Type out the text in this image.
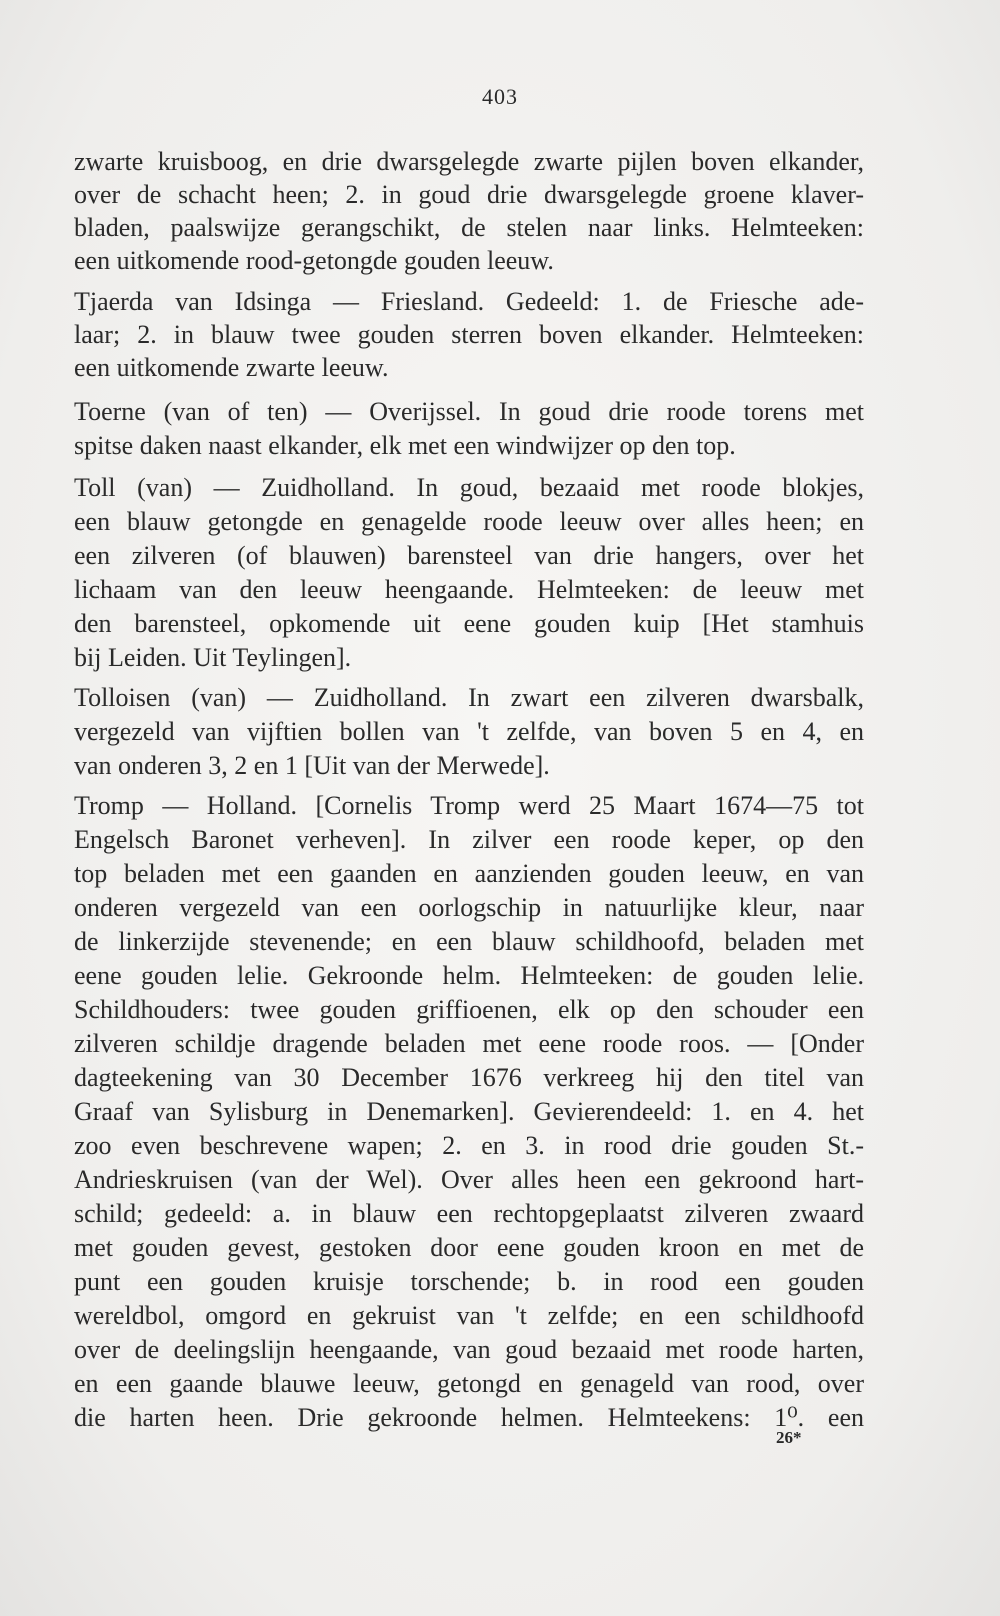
403
zwarte kruisboog, en drie dwarsgelegde zwarte pijlen boven elkander,
over de schacht heen; 2. in goud drie dwarsgelegde groene klaver-
bladen, paalswijze gerangschikt, de stelen naar links. Helmteeken:
een uitkomende rood-getongde gouden leeuw.
Tjaerda van Idsinga — Friesland. Gedeeld: 1. de Friesche ade-
laar; 2. in blauw twee gouden sterren boven elkander. Helmteeken:
een uitkomende zwarte leeuw.
Toerne (van of ten) — Overijssel. In goud drie roode torens met
spitse daken naast elkander, elk met een windwijzer op den top.
Toll (van) — Zuidholland. In goud, bezaaid met roode blokjes,
een blauw getongde en genagelde roode leeuw over alles heen; en
een zilveren (of blauwen) barensteel van drie hangers, over het
lichaam van den leeuw heengaande. Helmteeken: de leeuw met
den barensteel, opkomende uit eene gouden kuip [Het stamhuis
bij Leiden. Uit Teylingen].
Tolloisen (van) — Zuidholland. In zwart een zilveren dwarsbalk,
vergezeld van vijftien bollen van 't zelfde, van boven 5 en 4, en
van onderen 3, 2 en 1 [Uit van der Merwede].
Tromp — Holland. [Cornelis Tromp werd 25 Maart 1674—75 tot
Engelsch Baronet verheven]. In zilver een roode keper, op den
top beladen met een gaanden en aanzienden gouden leeuw, en van
onderen vergezeld van een oorlogschip in natuurlijke kleur, naar
de linkerzijde stevenende; en een blauw schildhoofd, beladen met
eene gouden lelie. Gekroonde helm. Helmteeken: de gouden lelie.
Schildhouders: twee gouden griffioenen, elk op den schouder een
zilveren schildje dragende beladen met eene roode roos. — [Onder
dagteekening van 30 December 1676 verkreeg hij den titel van
Graaf van Sylisburg in Denemarken]. Gevierendeeld: 1. en 4. het
zoo even beschrevene wapen; 2. en 3. in rood drie gouden St.-
Andrieskruisen (van der Wel). Over alles heen een gekroond hart-
schild; gedeeld: a. in blauw een rechtopgeplaatst zilveren zwaard
met gouden gevest, gestoken door eene gouden kroon en met de
punt een gouden kruisje torschende; b. in rood een gouden
wereldbol, omgord en gekruist van 't zelfde; en een schildhoofd
over de deelingslijn heengaande, van goud bezaaid met roode harten,
en een gaande blauwe leeuw, getongd en genageld van rood, over
die harten heen. Drie gekroonde helmen. Helmteekens: 1⁰. een
26*
